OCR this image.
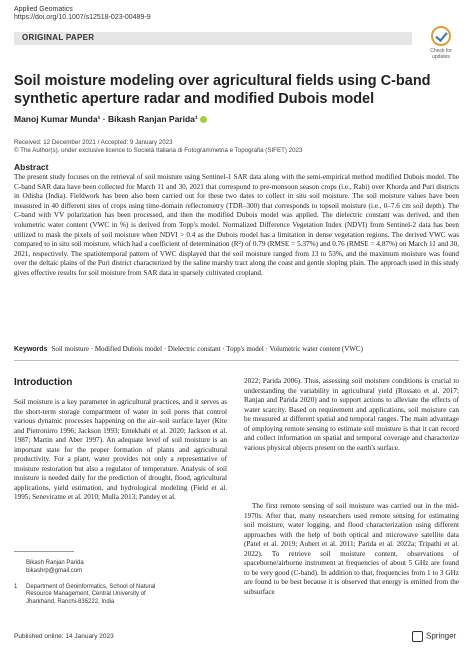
Applied Geomatics
https://doi.org/10.1007/s12518-023-00489-9
ORIGINAL PAPER
Check for updates
Soil moisture modeling over agricultural fields using C-band synthetic aperture radar and modified Dubois model
Manoj Kumar Munda¹ · Bikash Ranjan Parida¹
Received: 12 December 2021 / Accepted: 9 January 2023
© The Author(s), under exclusive licence to Società Italiana di Fotogrammetria e Topografia (SIFET) 2023
Abstract
The present study focuses on the retrieval of soil moisture using Sentinel-1 SAR data along with the semi-empirical method modified Dubois model. The C-band SAR data have been collected for March 11 and 30, 2021 that correspond to pre-monsoon season crops (i.e., Rabi) over Khorda and Puri districts in Odisha (India). Fieldwork has been also been carried out for these two dates to collect in situ soil moisture. The soil moisture values have been measured in 40 different sites of crops using time-domain reflectometry (TDR–300) that corresponds to topsoil moisture (i.e., 0–7.6 cm soil depth). The C-band with VV polarization has been processed, and then the modified Dubois model was applied. The dielectric constant was derived, and then volumetric water content (VWC in %) is derived from Topp's model. Normalized Difference Vegetation Index (NDVI) from Sentinel-2 data has been utilized to mask the pixels of soil moisture when NDVI > 0.4 as the Dubois model has a limitation in dense vegetation regions. The derived VWC was compared to in situ soil moisture, which had a coefficient of determination (R²) of 0.79 (RMSE = 5.37%) and 0.76 (RMSE = 4.87%) on March 11 and 30, 2021, respectively. The spatiotemporal pattern of VWC displayed that the soil moisture ranged from 13 to 53%, and the maximum moisture was found over the deltaic plains of the Puri district characterized by the saline marshy tract along the coast and gentle sloping plain. The approach used in this study gives effective results for soil moisture from SAR data in sparsely cultivated cropland.
Keywords Soil moisture · Modified Dubois model · Dielectric constant · Topp's model · Volumetric water content (VWC)
Introduction

Soil moisture is a key parameter in agricultural practices, and it serves as the short-term storage compartment of water in soil pores that control various dynamic processes happening on the air–soil surface layer (Kite and Pietronirro 1996; Jackson 1993; Entekhabi et al. 2020; Jackson et al. 1987; Martin and Aber 1997). An adequate level of soil moisture is an important state for the proper formation of plants and agricultural productivity. For a plant, water provides not only a representative of moisture restoration but also a regulator of temperature. Analysis of soil moisture is needed daily for the prediction of drought, flood, agricultural applications, yield estimation, and hydrological modeling (Field et al. 1995; Seneviratne et al. 2010; Mulla 2013; Pandey et al.

2022; Parida 2006). Thus, assessing soil moisture conditions is crucial to understanding the variability in agricultural yield (Rossato et al. 2017; Ranjan and Parida 2020) and to support actions to alleviate the effects of water scarcity. Based on requirement and applications, soil moisture can be measured at different spatial and temporal ranges. The main advantage of employing remote sensing to estimate soil moisture is that it can record and collect information on spatial and temporal coverage and characterize various physical objects present on the earth's surface.

The first remote sensing of soil moisture was carried out in the mid-1970s. After that, many researchers used remote sensing for estimating soil moisture, water logging, and flood characterization using different approaches with the help of both optical and microwave satellite data (Patel et al. 2019; Aubert et al. 2011; Parida et al. 2022a; Tripathi et al. 2022). To retrieve soil moisture content, observations of spaceborne/airborne instrument at frequencies of about 5 GHz are found to be very good (C-band). In addition to that, frequencies from 1 to 3 GHz are found to be best because it is observed that energy is emitted from the subsurface

Bikash Ranjan Parida
bikashrp@gmail.com
1	Department of Geoinformatics, School of Natural Resource Management, Central University of Jharkhand, Ranchi-835222, India
Published online: 14 January 2023	Springer
